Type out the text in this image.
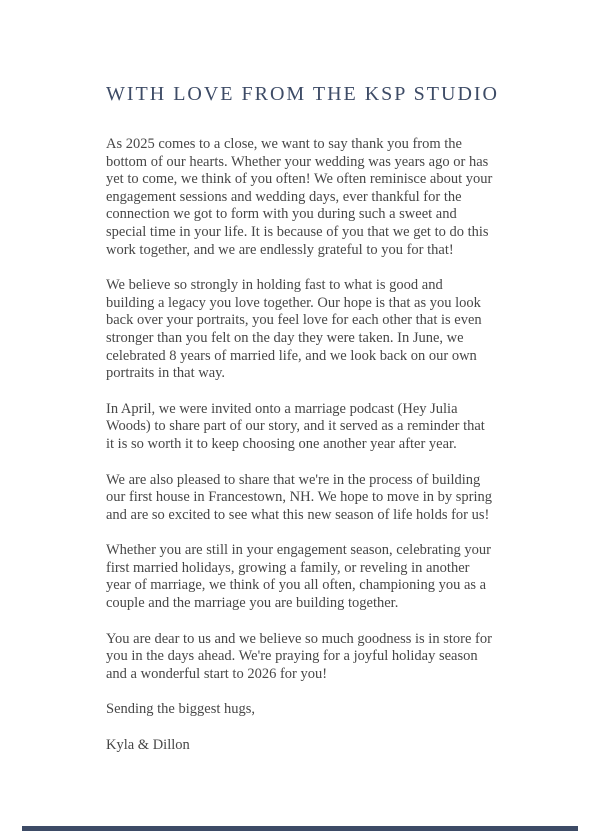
WITH LOVE FROM THE KSP STUDIO

As 2025 comes to a close, we want to say thank you from the bottom of our hearts. Whether your wedding was years ago or has yet to come, we think of you often! We often reminisce about your engagement sessions and wedding days, ever thankful for the connection we got to form with you during such a sweet and special time in your life. It is because of you that we get to do this work together, and we are endlessly grateful to you for that!

We believe so strongly in holding fast to what is good and building a legacy you love together. Our hope is that as you look back over your portraits, you feel love for each other that is even stronger than you felt on the day they were taken. In June, we celebrated 8 years of married life, and we look back on our own portraits in that way.

In April, we were invited onto a marriage podcast (Hey Julia Woods) to share part of our story, and it served as a reminder that it is so worth it to keep choosing one another year after year.

We are also pleased to share that we're in the process of building our first house in Francestown, NH. We hope to move in by spring and are so excited to see what this new season of life holds for us!

Whether you are still in your engagement season, celebrating your first married holidays, growing a family, or reveling in another year of marriage, we think of you all often, championing you as a couple and the marriage you are building together.

You are dear to us and we believe so much goodness is in store for you in the days ahead. We're praying for a joyful holiday season and a wonderful start to 2026 for you!

Sending the biggest hugs,

Kyla & Dillon
